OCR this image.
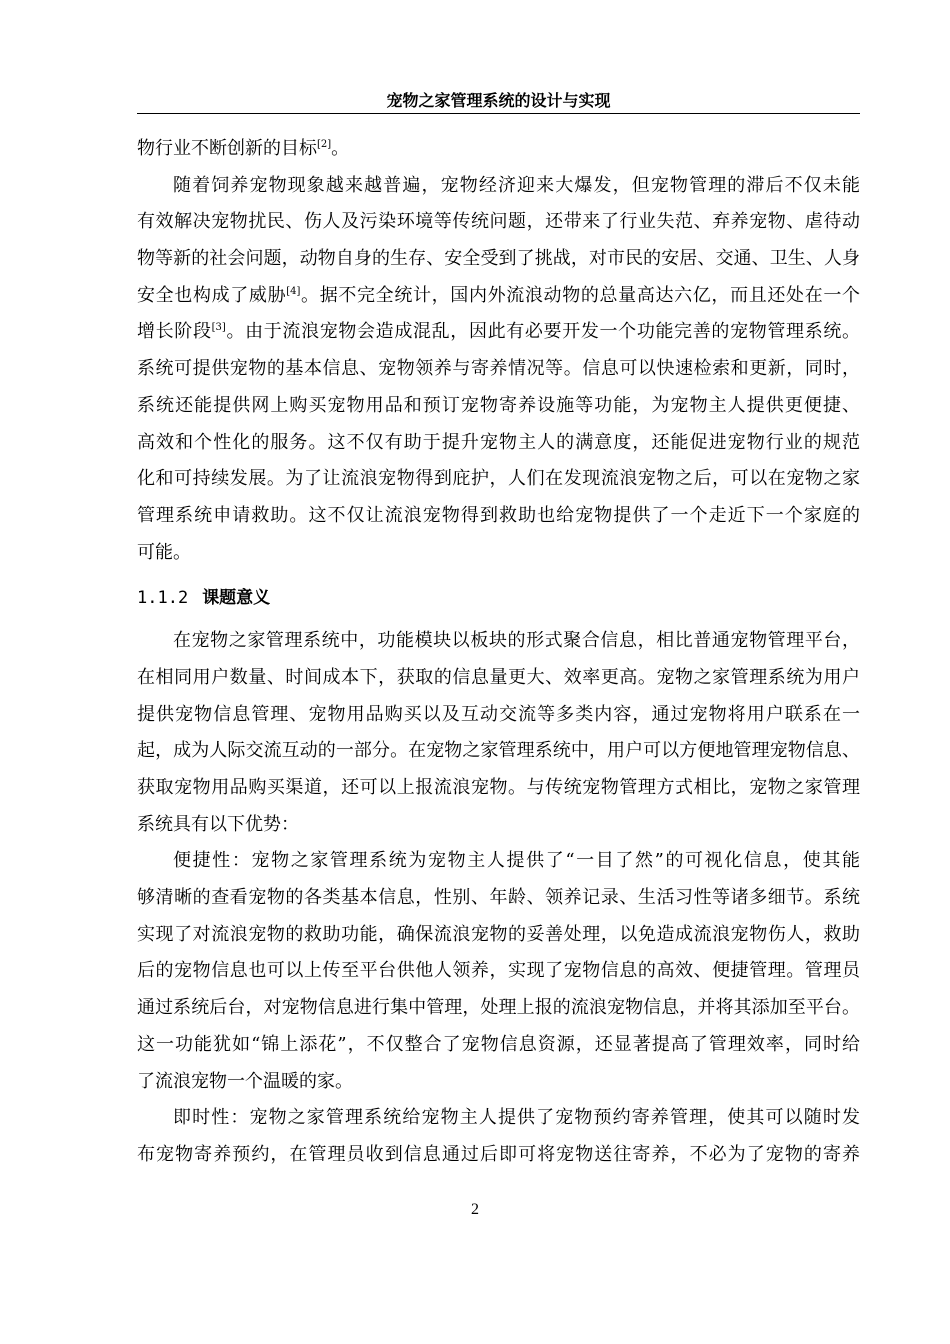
宠物之家管理系统的设计与实现
物行业不断创新的目标[2]。
随着饲养宠物现象越来越普遍，宠物经济迎来大爆发，但宠物管理的滞后不仅未能
有效解决宠物扰民、伤人及污染环境等传统问题，还带来了行业失范、弃养宠物、虐待动
物等新的社会问题，动物自身的生存、安全受到了挑战，对市民的安居、交通、卫生、人身
安全也构成了威胁[4]。据不完全统计，国内外流浪动物的总量高达六亿，而且还处在一个
增长阶段[3]。由于流浪宠物会造成混乱，因此有必要开发一个功能完善的宠物管理系统。
系统可提供宠物的基本信息、宠物领养与寄养情况等。信息可以快速检索和更新，同时，
系统还能提供网上购买宠物用品和预订宠物寄养设施等功能，为宠物主人提供更便捷、
高效和个性化的服务。这不仅有助于提升宠物主人的满意度，还能促进宠物行业的规范
化和可持续发展。为了让流浪宠物得到庇护，人们在发现流浪宠物之后，可以在宠物之家
管理系统申请救助。这不仅让流浪宠物得到救助也给宠物提供了一个走近下一个家庭的
可能。
1.1.2 课题意义
在宠物之家管理系统中，功能模块以板块的形式聚合信息，相比普通宠物管理平台，
在相同用户数量、时间成本下，获取的信息量更大、效率更高。宠物之家管理系统为用户
提供宠物信息管理、宠物用品购买以及互动交流等多类内容，通过宠物将用户联系在一
起，成为人际交流互动的一部分。在宠物之家管理系统中，用户可以方便地管理宠物信息、
获取宠物用品购买渠道，还可以上报流浪宠物。与传统宠物管理方式相比，宠物之家管理
系统具有以下优势：
便捷性：宠物之家管理系统为宠物主人提供了“一目了然”的可视化信息，使其能
够清晰的查看宠物的各类基本信息，性别、年龄、领养记录、生活习性等诸多细节。系统
实现了对流浪宠物的救助功能，确保流浪宠物的妥善处理，以免造成流浪宠物伤人，救助
后的宠物信息也可以上传至平台供他人领养，实现了宠物信息的高效、便捷管理。管理员
通过系统后台，对宠物信息进行集中管理，处理上报的流浪宠物信息，并将其添加至平台。
这一功能犹如“锦上添花”，不仅整合了宠物信息资源，还显著提高了管理效率，同时给
了流浪宠物一个温暖的家。
即时性：宠物之家管理系统给宠物主人提供了宠物预约寄养管理，使其可以随时发
布宠物寄养预约，在管理员收到信息通过后即可将宠物送往寄养，不必为了宠物的寄养
2
